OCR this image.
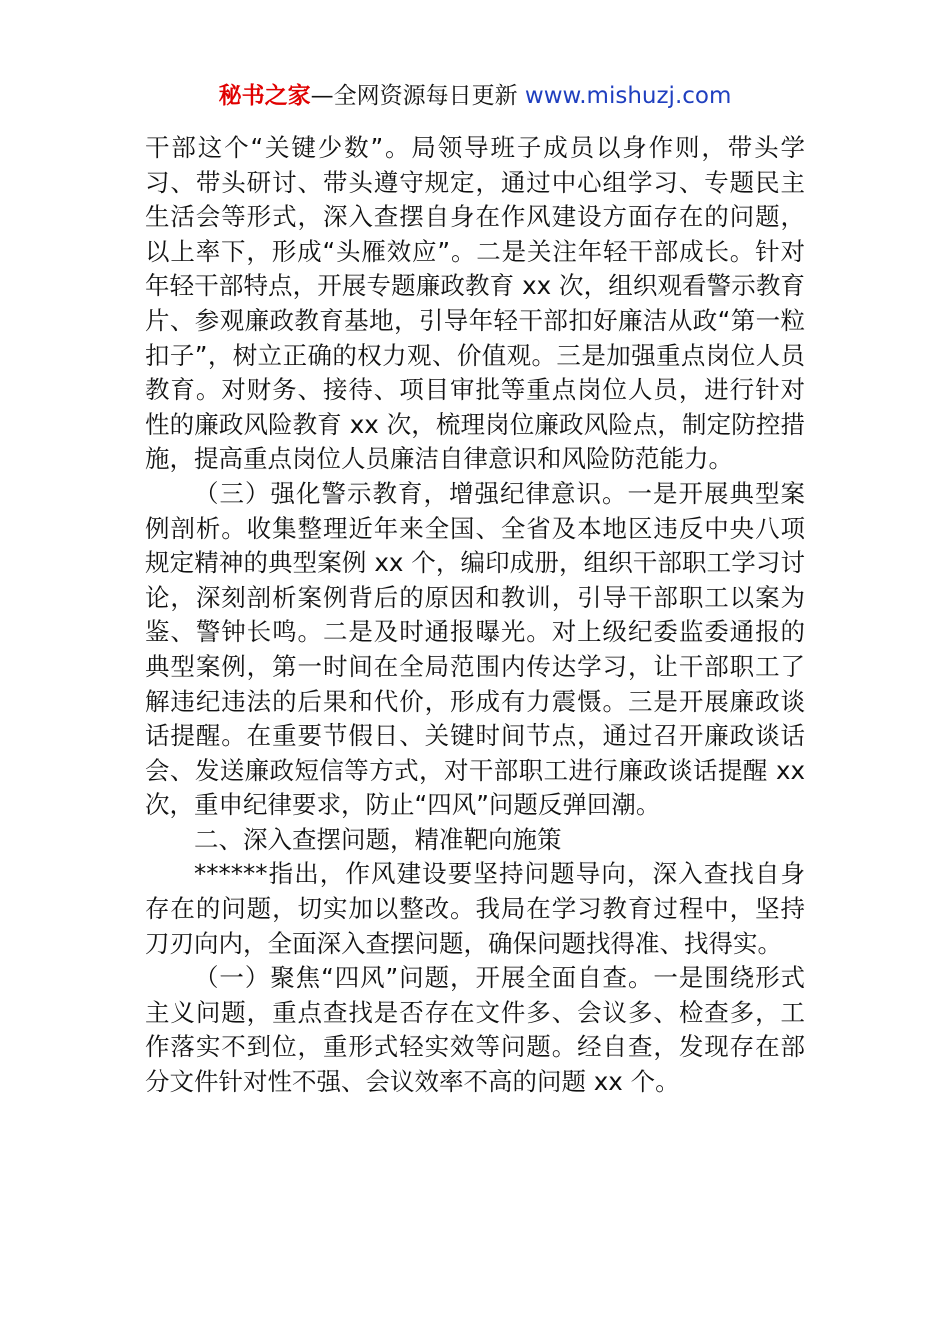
秘书之家—全网资源每日更新 www.mishuzj.com

干部这个“关键少数”。局领导班子成员以身作则，带头学习、带头研讨、带头遵守规定，通过中心组学习、专题民主生活会等形式，深入查摆自身在作风建设方面存在的问题，以上率下，形成“头雁效应”。二是关注年轻干部成长。针对年轻干部特点，开展专题廉政教育 xx 次，组织观看警示教育片、参观廉政教育基地，引导年轻干部扣好廉洁从政“第一粒扣子”，树立正确的权力观、价值观。三是加强重点岗位人员教育。对财务、接待、项目审批等重点岗位人员，进行针对性的廉政风险教育 xx 次，梳理岗位廉政风险点，制定防控措施，提高重点岗位人员廉洁自律意识和风险防范能力。

（三）强化警示教育，增强纪律意识。一是开展典型案例剖析。收集整理近年来全国、全省及本地区违反中央八项规定精神的典型案例 xx 个，编印成册，组织干部职工学习讨论，深刻剖析案例背后的原因和教训，引导干部职工以案为鉴、警钟长鸣。二是及时通报曝光。对上级纪委监委通报的典型案例，第一时间在全局范围内传达学习，让干部职工了解违纪违法的后果和代价，形成有力震慑。三是开展廉政谈话提醒。在重要节假日、关键时间节点，通过召开廉政谈话会、发送廉政短信等方式，对干部职工进行廉政谈话提醒 xx 次，重申纪律要求，防止“四风”问题反弹回潮。

二、深入查摆问题，精准靶向施策

******指出，作风建设要坚持问题导向，深入查找自身存在的问题，切实加以整改。我局在学习教育过程中，坚持刀刃向内，全面深入查摆问题，确保问题找得准、找得实。

（一）聚焦“四风”问题，开展全面自查。一是围绕形式主义问题，重点查找是否存在文件多、会议多、检查多，工作落实不到位，重形式轻实效等问题。经自查，发现存在部分文件针对性不强、会议效率不高的问题 xx 个。
